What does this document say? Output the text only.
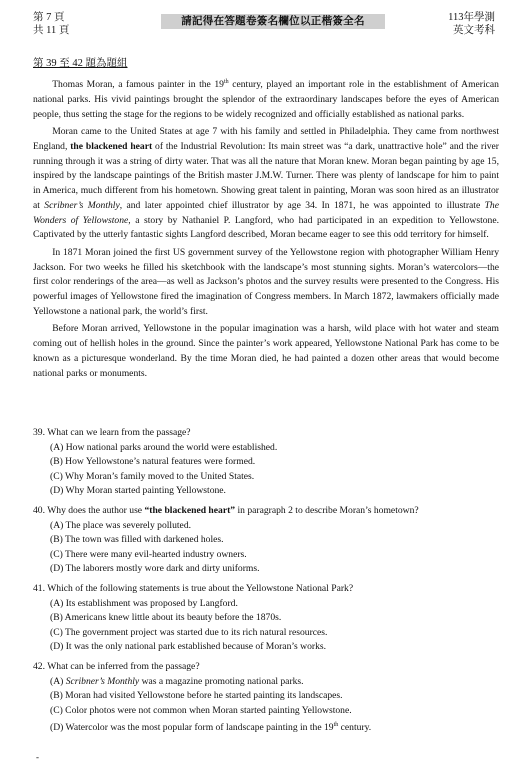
第 7 頁
共 11 頁
請記得在答題卷簽名欄位以正楷簽全名	113年學測
英文考科
第 39 至 42 題為題組

Thomas Moran, a famous painter in the 19th century, played an important role in the establishment of American national parks. His vivid paintings brought the splendor of the extraordinary landscapes before the eyes of American people, thus setting the stage for the regions to be widely recognized and officially established as national parks.

Moran came to the United States at age 7 with his family and settled in Philadelphia. They came from northwest England, the blackened heart of the Industrial Revolution: Its main street was “a dark, unattractive hole” and the river running through it was a string of dirty water. That was all the nature that Moran knew. Moran began painting by age 15, inspired by the landscape paintings of the British master J.M.W. Turner. There was plenty of landscape for him to paint in America, much different from his hometown. Showing great talent in painting, Moran was soon hired as an illustrator at Scribner’s Monthly, and later appointed chief illustrator by age 34. In 1871, he was appointed to illustrate The Wonders of Yellowstone, a story by Nathaniel P. Langford, who had participated in an expedition to Yellowstone. Captivated by the utterly fantastic sights Langford described, Moran became eager to see this odd territory for himself.

In 1871 Moran joined the first US government survey of the Yellowstone region with photographer William Henry Jackson. For two weeks he filled his sketchbook with the landscape’s most stunning sights. Moran’s watercolors—the first color renderings of the area—as well as Jackson’s photos and the survey results were presented to the Congress. His powerful images of Yellowstone fired the imagination of Congress members. In March 1872, lawmakers officially made Yellowstone a national park, the world’s first.

Before Moran arrived, Yellowstone in the popular imagination was a harsh, wild place with hot water and steam coming out of hellish holes in the ground. Since the painter’s work appeared, Yellowstone National Park has come to be known as a picturesque wonderland. By the time Moran died, he had painted a dozen other areas that would become national parks or monuments.

39. What can we learn from the passage?
(A) How national parks around the world were established.
(B) How Yellowstone’s natural features were formed.
(C) Why Moran’s family moved to the United States.
(D) Why Moran started painting Yellowstone.
40. Why does the author use “the blackened heart” in paragraph 2 to describe Moran’s hometown?
(A) The place was severely polluted.
(B) The town was filled with darkened holes.
(C) There were many evil-hearted industry owners.
(D) The laborers mostly wore dark and dirty uniforms.
41. Which of the following statements is true about the Yellowstone National Park?
(A) Its establishment was proposed by Langford.
(B) Americans knew little about its beauty before the 1870s.
(C) The government project was started due to its rich natural resources.
(D) It was the only national park established because of Moran’s works.
42. What can be inferred from the passage?
(A) Scribner’s Monthly was a magazine promoting national parks.
(B) Moran had visited Yellowstone before he started painting its landscapes.
(C) Color photos were not common when Moran started painting Yellowstone.
(D) Watercolor was the most popular form of landscape painting in the 19th century.
-
